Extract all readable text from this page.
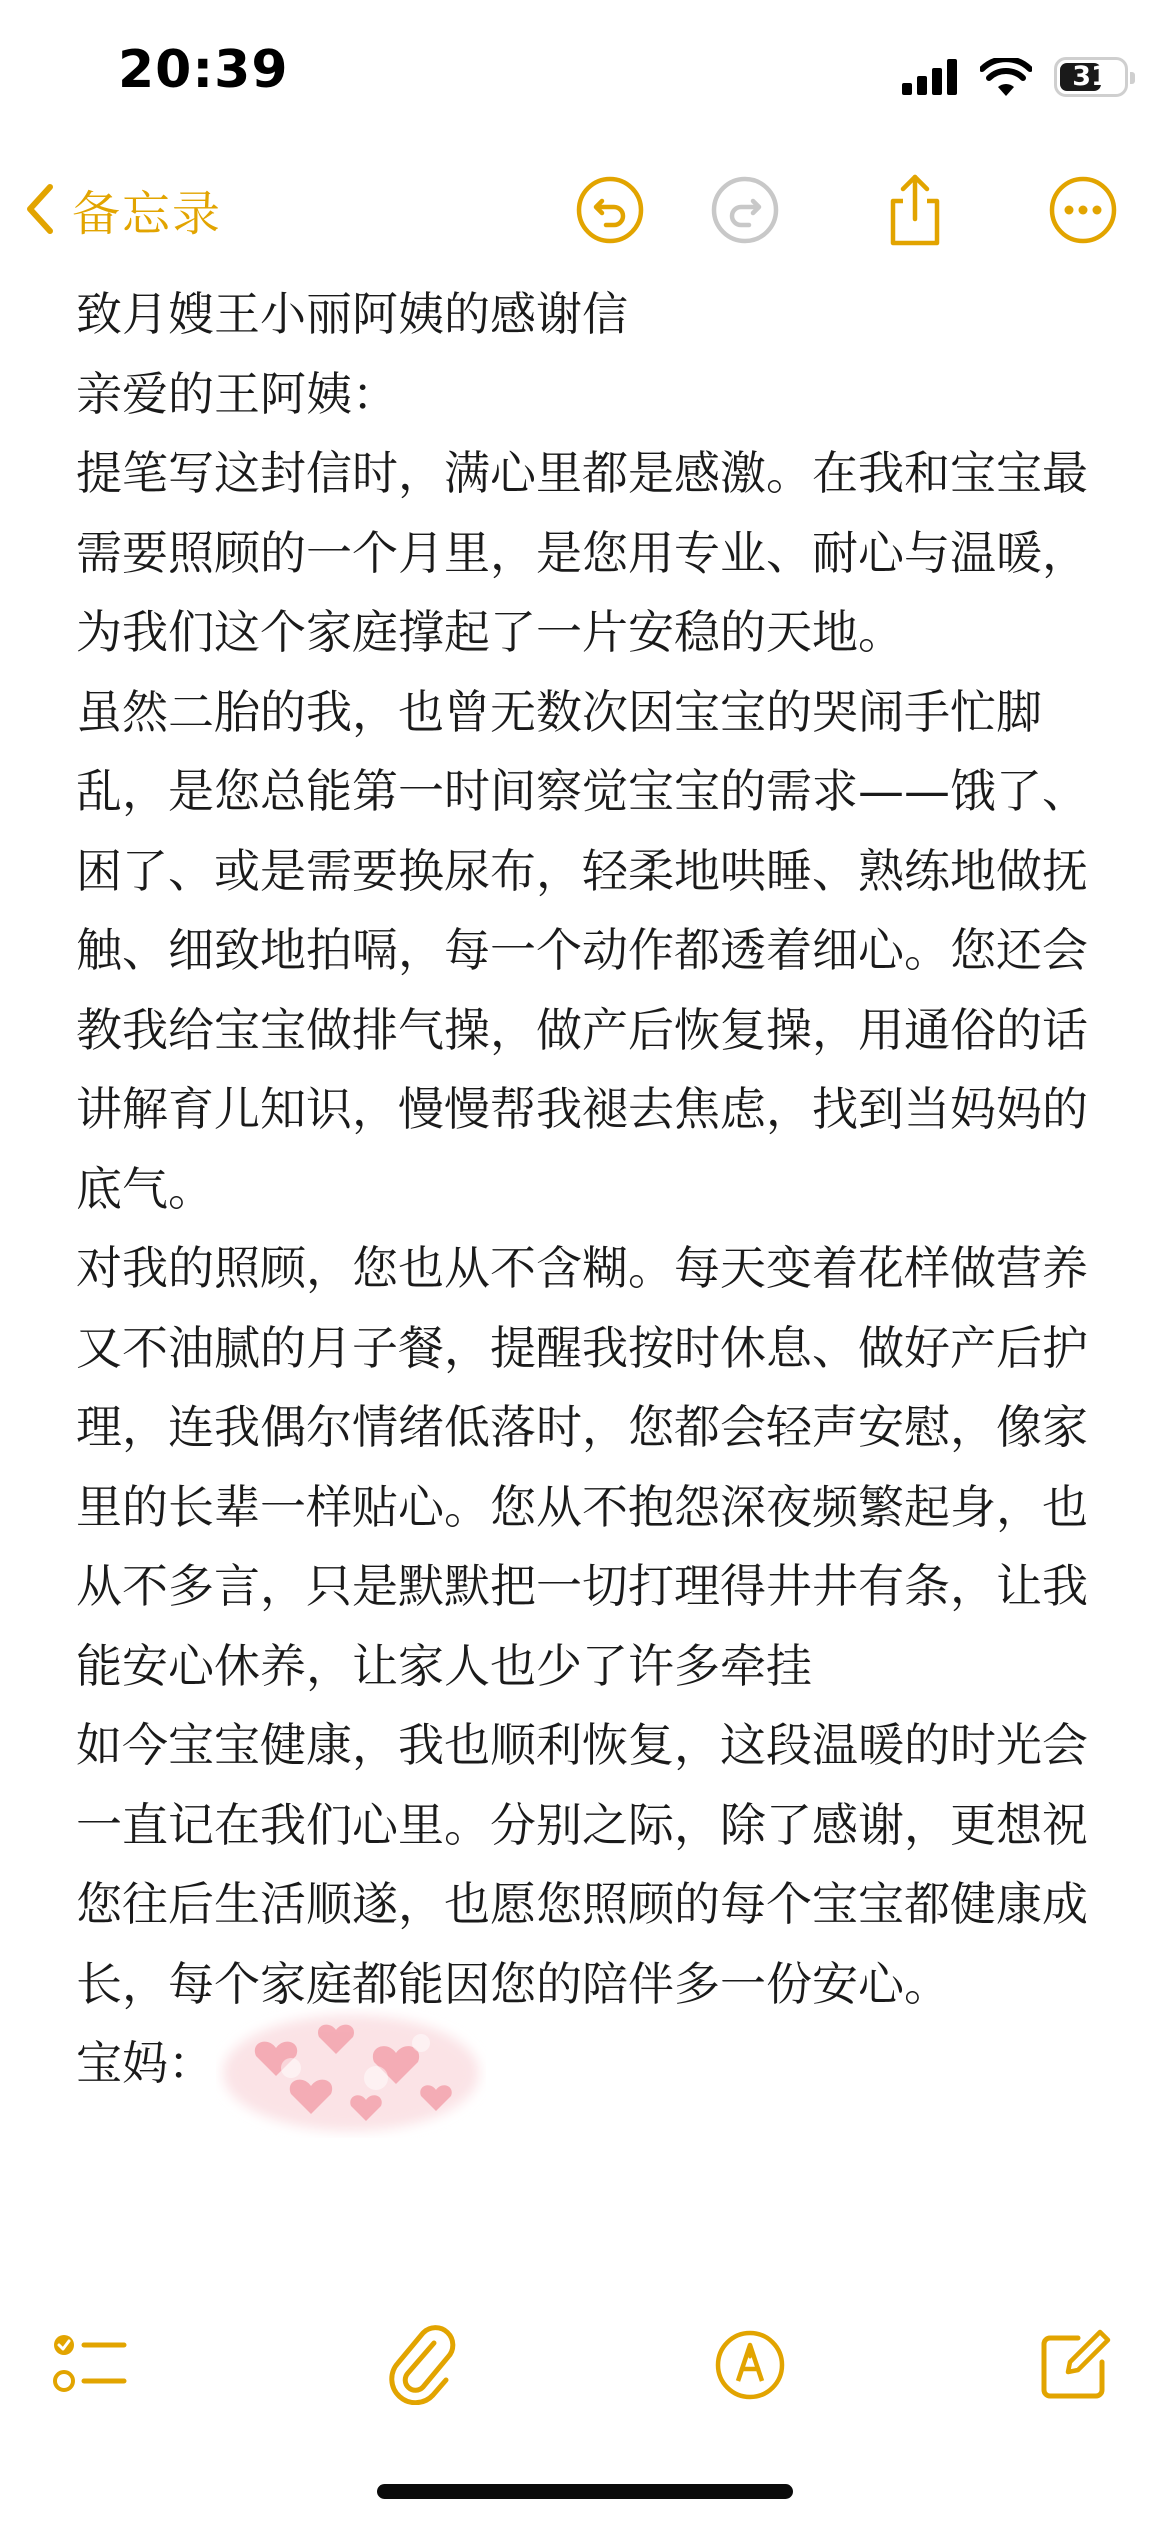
20:39	31
备忘录

致月嫂王小丽阿姨的感谢信

亲爱的王阿姨：

提笔写这封信时，满心里都是感激。在我和宝宝最需要照顾的一个月里，是您用专业、耐心与温暖，为我们这个家庭撑起了一片安稳的天地。

虽然二胎的我，也曾无数次因宝宝的哭闹手忙脚乱，是您总能第一时间察觉宝宝的需求——饿了、困了、或是需要换尿布，轻柔地哄睡、熟练地做抚触、细致地拍嗝，每一个动作都透着细心。您还会教我给宝宝做排气操，做产后恢复操，用通俗的话讲解育儿知识，慢慢帮我褪去焦虑，找到当妈妈的底气。

对我的照顾，您也从不含糊。每天变着花样做营养又不油腻的月子餐，提醒我按时休息、做好产后护理，连我偶尔情绪低落时，您都会轻声安慰，像家里的长辈一样贴心。您从不抱怨深夜频繁起身，也从不多言，只是默默把一切打理得井井有条，让我能安心休养，让家人也少了许多牵挂

如今宝宝健康，我也顺利恢复，这段温暖的时光会一直记在我们心里。分别之际，除了感谢，更想祝您往后生活顺遂，也愿您照顾的每个宝宝都健康成长，每个家庭都能因您的陪伴多一份安心。

宝妈：
